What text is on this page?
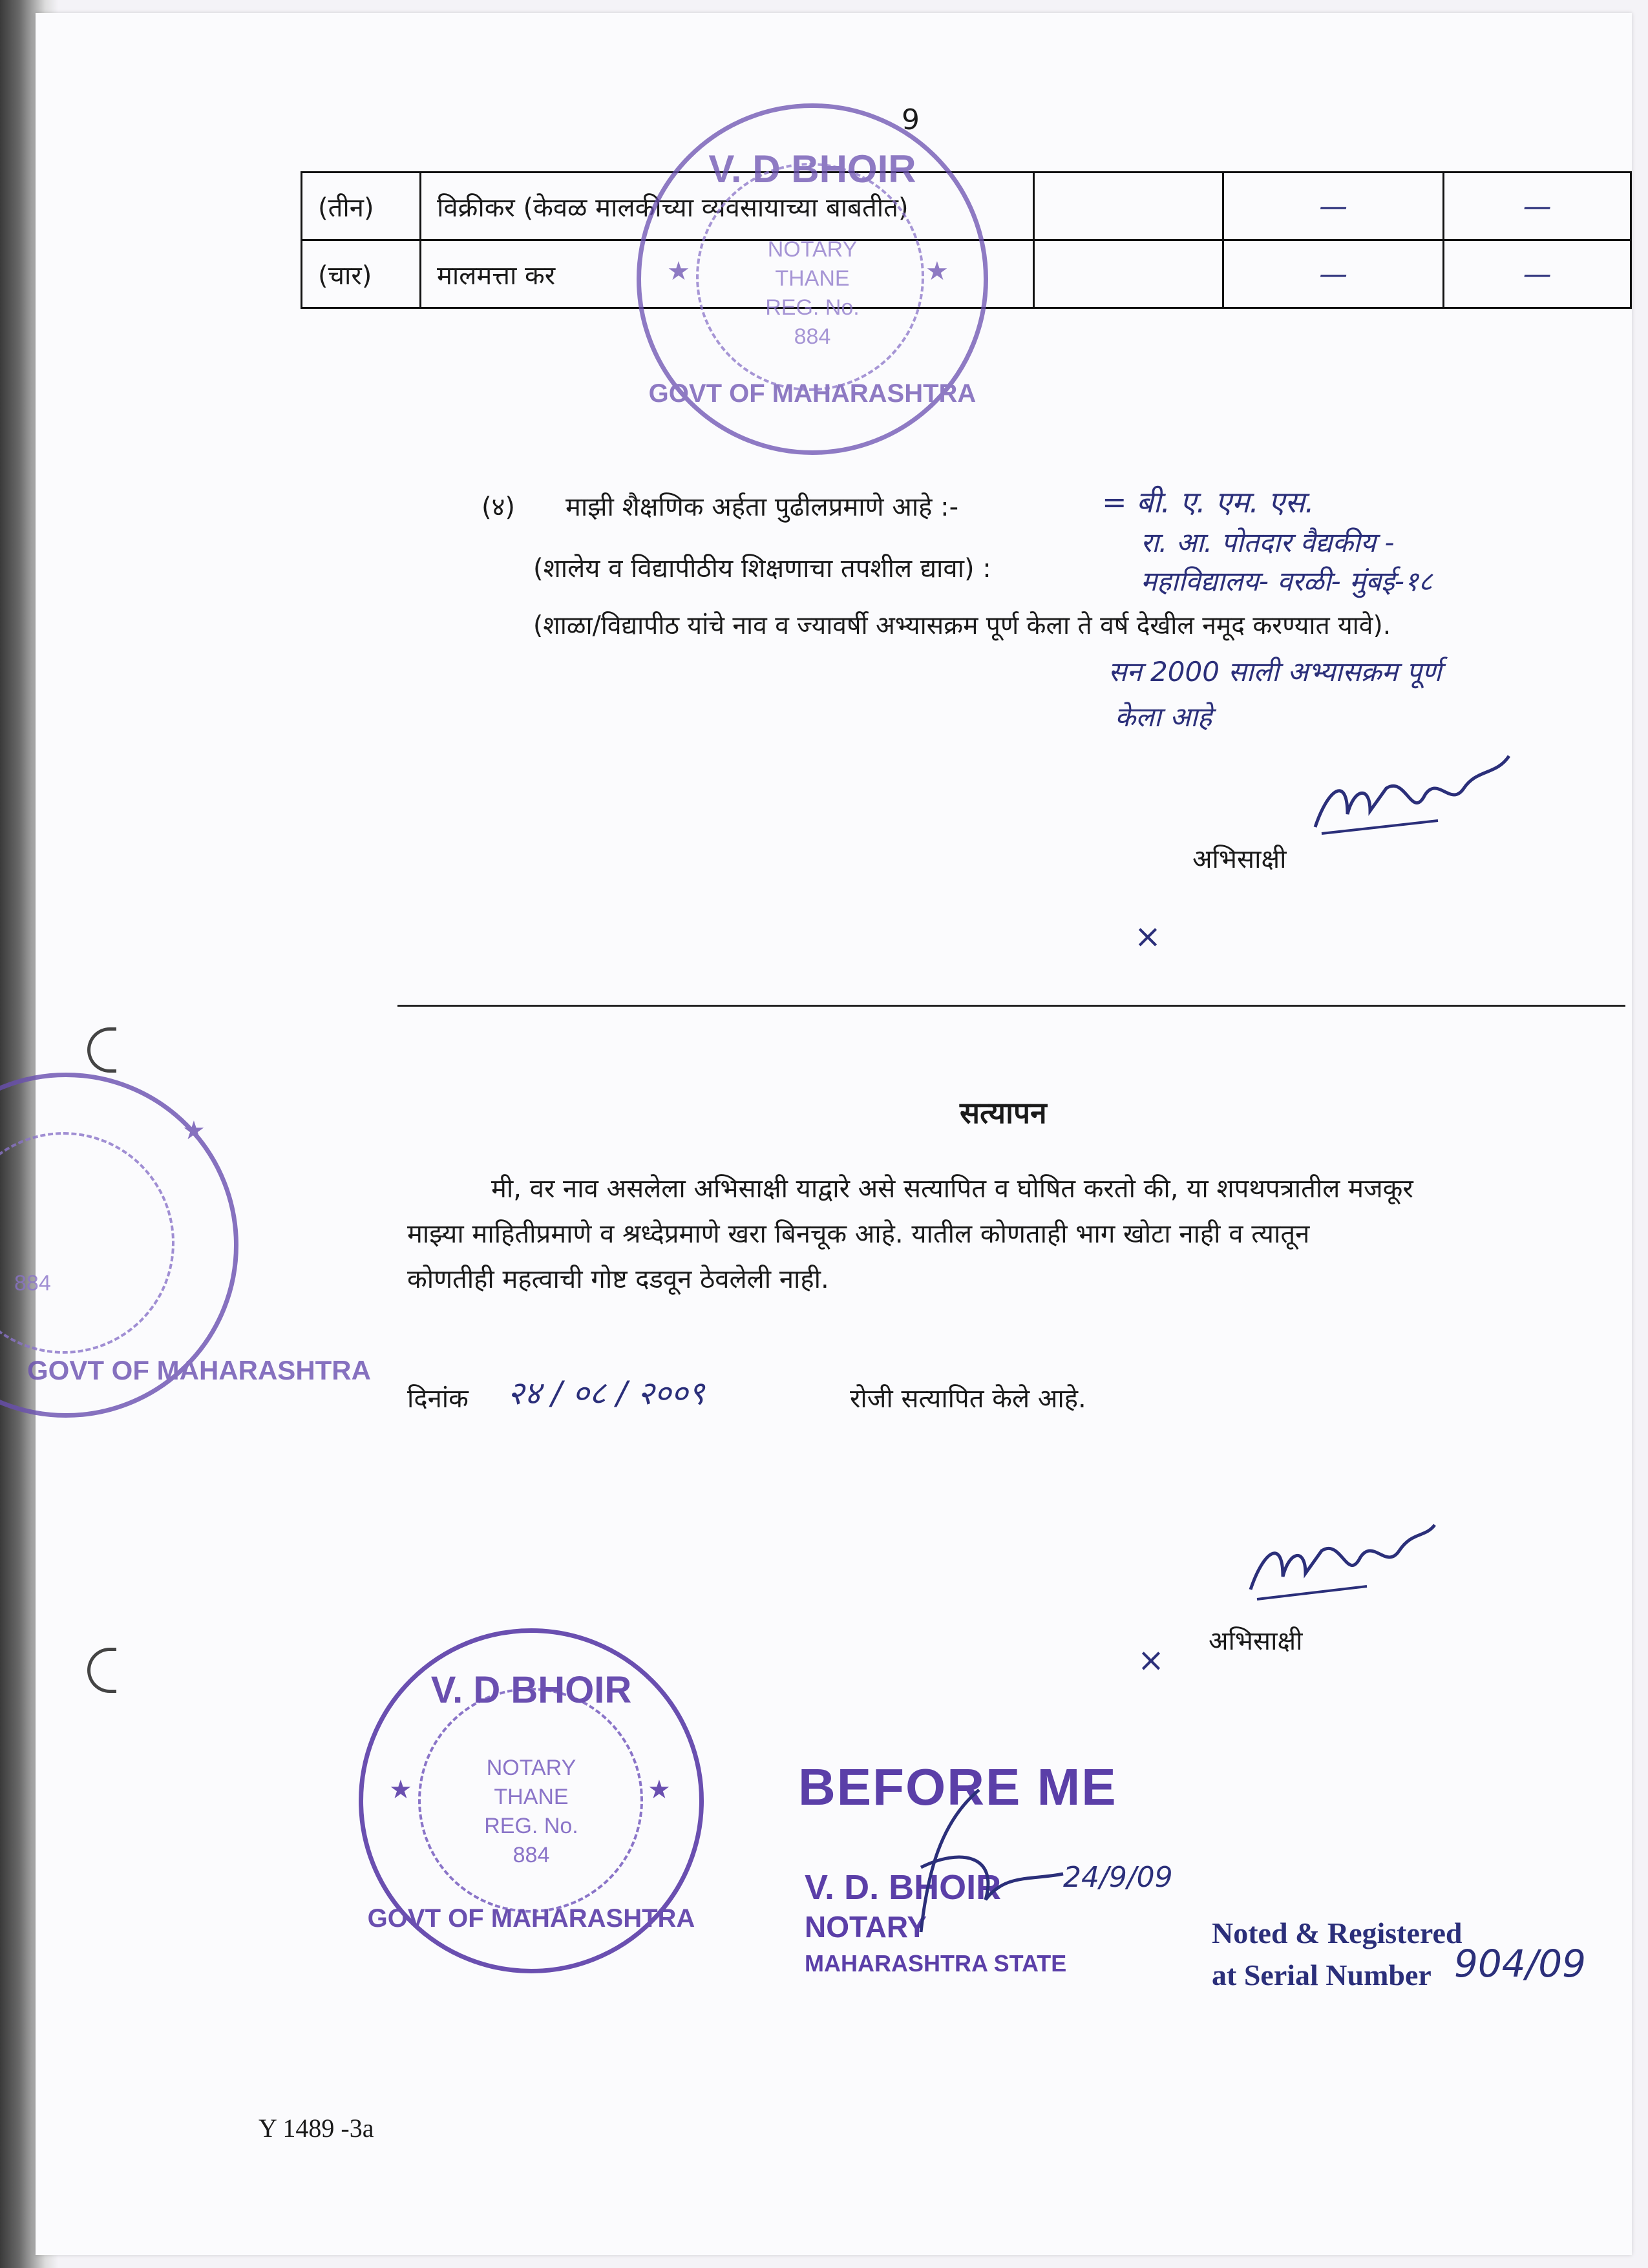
9
(तीन)	विक्रीकर (केवळ मालकीच्या व्यवसायाच्या बाबतीत)		—	—
(चार)	मालमत्ता कर		—	—
V. D BHOIR
NOTARY
THANE
REG. No.
884
GOVT OF MAHARASHTRA
★	★
(४) माझी शैक्षणिक अर्हता पुढीलप्रमाणे आहे :-
(शालेय व विद्यापीठीय शिक्षणाचा तपशील द्यावा) :
(शाळा/विद्यापीठ यांचे नाव व ज्यावर्षी अभ्यासक्रम पूर्ण केला ते वर्ष देखील नमूद करण्यात यावे).
= बी. ए. एम. एस.
रा. आ. पोतदार वैद्यकीय -
महाविद्यालय- वरळी- मुंबई-१८
सन 2000 साली अभ्यासक्रम पूर्ण
केला आहे
अभिसाक्षी
×
सत्यापन
मी, वर नाव असलेला अभिसाक्षी याद्वारे असे सत्यापित व घोषित करतो की, या शपथपत्रातील मजकूर
माझ्या माहितीप्रमाणे व श्रध्देप्रमाणे खरा बिनचूक आहे. यातील कोणताही भाग खोटा नाही व त्यातून
कोणतीही महत्वाची गोष्ट दडवून ठेवलेली नाही.
दिनांक २४ / ०८ / २००९	रोजी सत्यापित केले आहे.
अभिसाक्षी
×
884
GOVT OF MAHARASHTRA
★
V. D BHOIR
NOTARY
THANE
REG. No.
884
GOVT OF MAHARASHTRA
★	★ BEFORE ME
V. D. BHOIR
NOTARY
MAHARASHTRA STATE
24/9/09
Noted & Registered
at Serial Number 904/09
Y 1489 -3a
